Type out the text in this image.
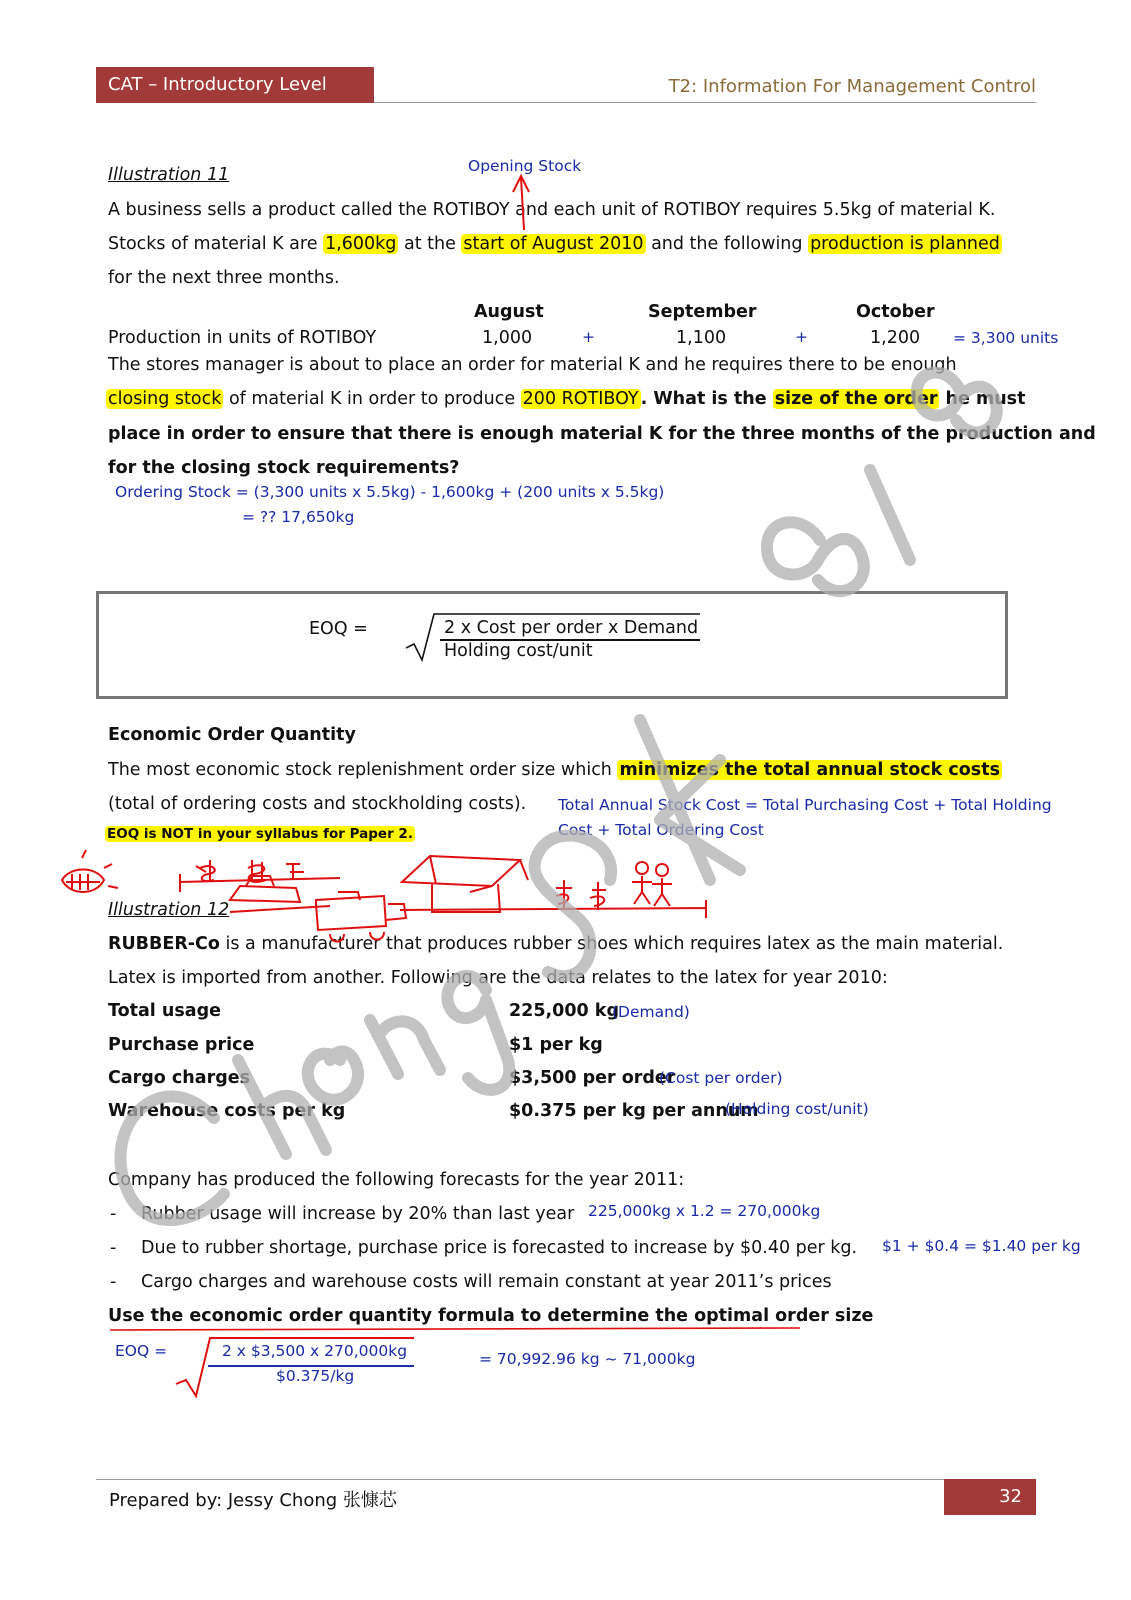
CAT – Introductory Level	T2: Information For Management Control
Illustration 11	Opening Stock
A business sells a product called the ROTIBOY and each unit of ROTIBOY requires 5.5kg of material K.
Stocks of material K are 1,600kg at the start of August 2010 and the following production is planned
for the next three months.
August	September	October
Production in units of ROTIBOY	1,000	+	1,100	+	1,200 = 3,300 units
The stores manager is about to place an order for material K and he requires there to be enough
closing stock of material K in order to produce 200 ROTIBOY . What is the size of the order he must
place in order to ensure that there is enough material K for the three months of the production and
for the closing stock requirements?
Ordering Stock = (3,300 units x 5.5kg) - 1,600kg + (200 units x 5.5kg)
= ?? 17,650kg
EOQ =	2 x Cost per order x Demand
Holding cost/unit
Economic Order Quantity
The most economic stock replenishment order size which minimizes the total annual stock costs
(total of ordering costs and stockholding costs). Total Annual Stock Cost = Total Purchasing Cost + Total Holding
Cost + Total Ordering Cost
EOQ is NOT in your syllabus for Paper 2.
Illustration 12
RUBBER-Co is a manufacturer that produces rubber shoes which requires latex as the main material.
Latex is imported from another. Following are the data relates to the latex for year 2010:
Total usage	225,000 kg
(Demand)
Purchase price	$1 per kg
Cargo charges	$3,500 per order
(Cost per order)
Warehouse costs per kg	$0.375 per kg per annum
(Holding cost/unit)
Company has produced the following forecasts for the year 2011:
- Rubber usage will increase by 20% than last year 225,000kg x 1.2 = 270,000kg
- Due to rubber shortage, purchase price is forecasted to increase by $0.40 per kg. $1 + $0.4 = $1.40 per kg
- Cargo charges and warehouse costs will remain constant at year 2011’s prices
Use the economic order quantity formula to determine the optimal order size
EOQ =	2 x $3,500 x 270,000kg
$0.375/kg
= 70,992.96 kg ~ 71,000kg
Prepared by: Jessy Chong 张慷芯	32
